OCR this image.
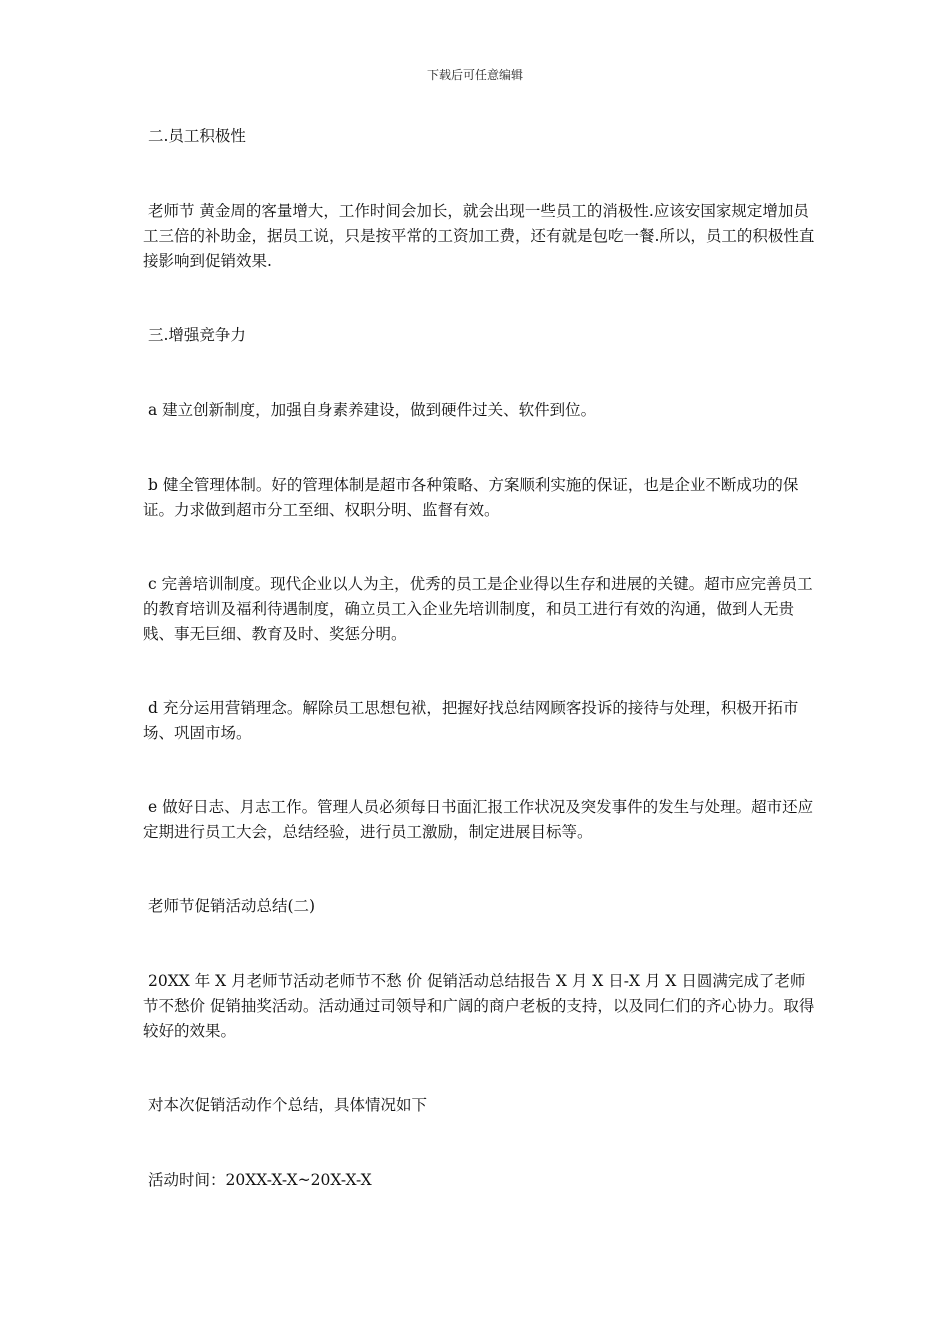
下载后可任意编辑

二.员工积极性

老师节 黄金周的客量增大，工作时间会加长，就会出现一些员工的消极性.应该安国家规定增加员工三倍的补助金，据员工说，只是按平常的工资加工费，还有就是包吃一餐.所以，员工的积极性直接影响到促销效果.

三.增强竞争力

a 建立创新制度，加强自身素养建设，做到硬件过关、软件到位。

b 健全管理体制。好的管理体制是超市各种策略、方案顺利实施的保证，也是企业不断成功的保证。力求做到超市分工至细、权职分明、监督有效。

c 完善培训制度。现代企业以人为主，优秀的员工是企业得以生存和进展的关键。超市应完善员工的教育培训及福利待遇制度，确立员工入企业先培训制度，和员工进行有效的沟通，做到人无贵贱、事无巨细、教育及时、奖惩分明。

d 充分运用营销理念。解除员工思想包袱，把握好找总结网顾客投诉的接待与处理，积极开拓市场、巩固市场。

e 做好日志、月志工作。管理人员必须每日书面汇报工作状况及突发事件的发生与处理。超市还应定期进行员工大会，总结经验，进行员工激励，制定进展目标等。

老师节促销活动总结(二)

20XX 年 X 月老师节活动老师节不愁 价 促销活动总结报告 X 月 X 日-X 月 X 日圆满完成了老师节不愁价 促销抽奖活动。活动通过司领导和广阔的商户老板的支持，以及同仁们的齐心协力。取得较好的效果。

对本次促销活动作个总结，具体情况如下

活动时间：20XX-X-X~20X-X-X
